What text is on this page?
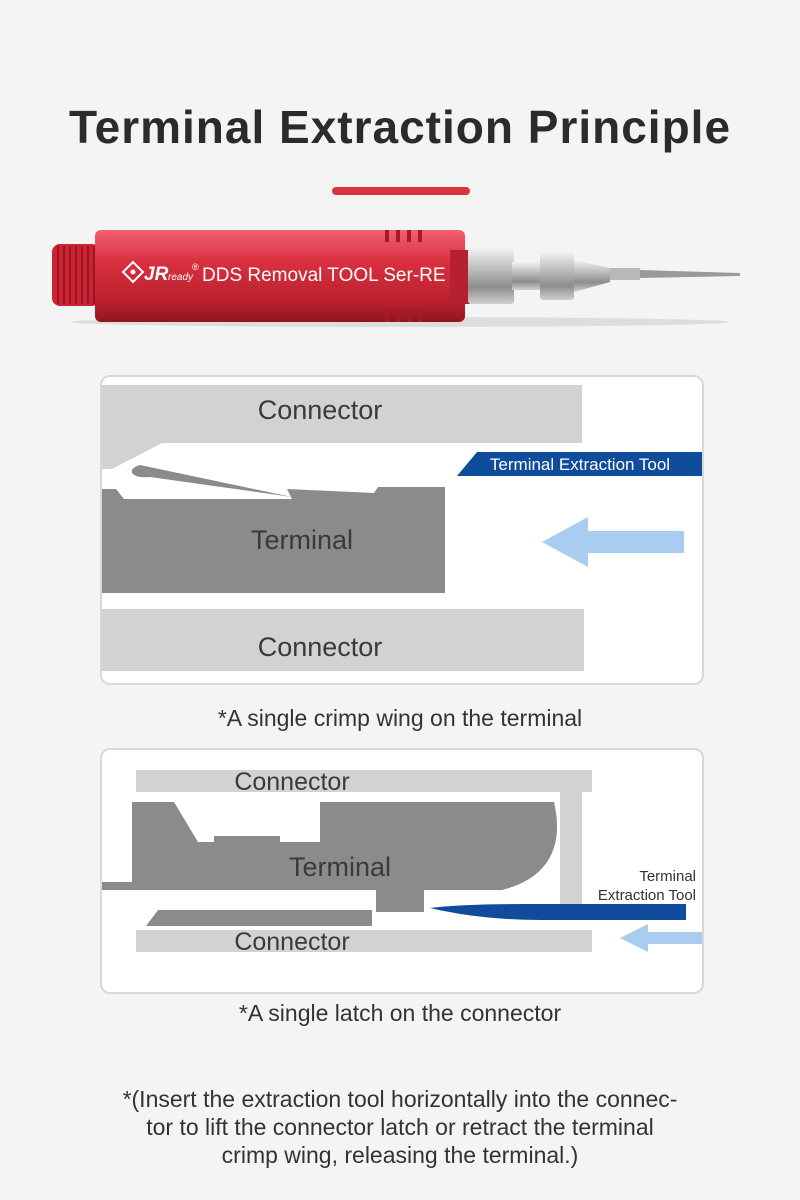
Terminal Extraction Principle
JR ready
® DDS Removal TOOL Ser-RE
Connector
Terminal
Terminal Extraction Tool
Connector
*A single crimp wing on the terminal
Connector
Terminal	Terminal
Extraction Tool
Connector
*A single latch on the connector
*(Insert the extraction tool horizontally into the connec-
tor to lift the connector latch or retract the terminal
crimp wing, releasing the terminal.)
